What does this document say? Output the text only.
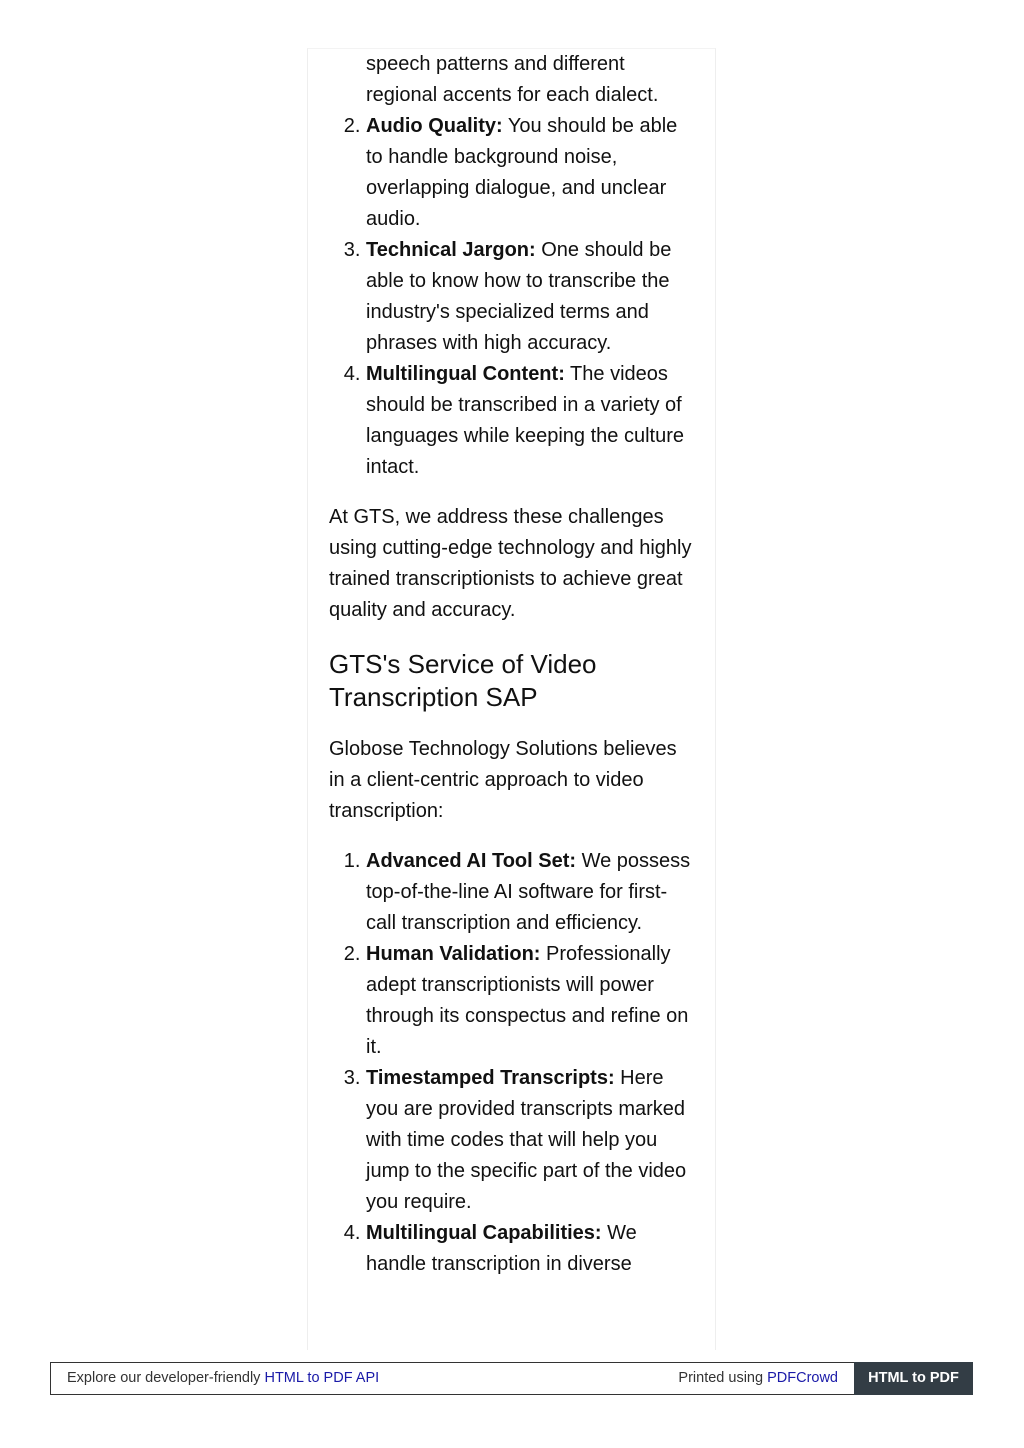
speech patterns and different regional accents for each dialect.
2. Audio Quality: You should be able to handle background noise, overlapping dialogue, and unclear audio.
3. Technical Jargon: One should be able to know how to transcribe the industry's specialized terms and phrases with high accuracy.
4. Multilingual Content: The videos should be transcribed in a variety of languages while keeping the culture intact.

At GTS, we address these challenges using cutting-edge technology and highly trained transcriptionists to achieve great quality and accuracy.

GTS's Service of Video Transcription SAP

Globose Technology Solutions believes in a client-centric approach to video transcription:

1. Advanced AI Tool Set: We possess top-of-the-line AI software for first-call transcription and efficiency.
2. Human Validation: Professionally adept transcriptionists will power through its conspectus and refine on it.
3. Timestamped Transcripts: Here you are provided transcripts marked with time codes that will help you jump to the specific part of the video you require.
4. Multilingual Capabilities: We handle transcription in diverse
Explore our developer-friendly HTML to PDF API	Printed using PDFCrowd	HTML to PDF
